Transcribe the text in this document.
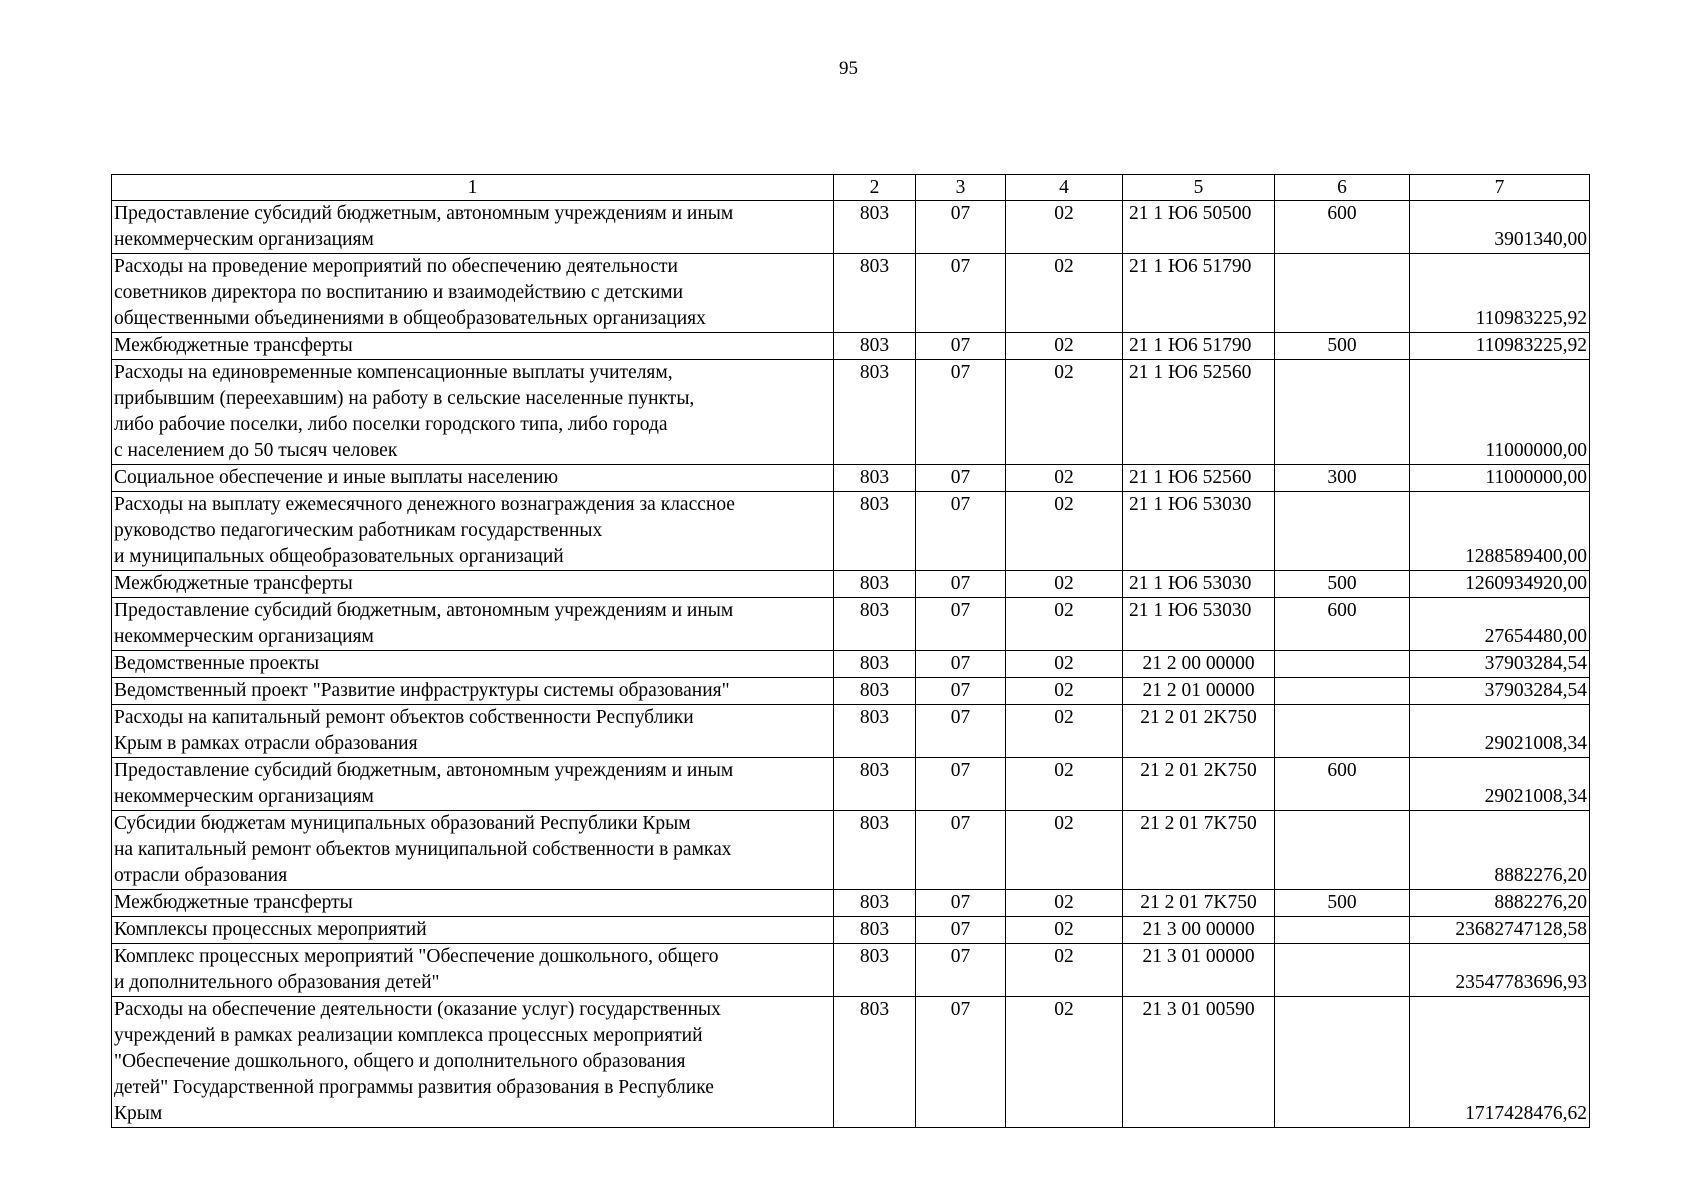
95
1	2	3	4	5	6	7

Предоставление субсидий бюджетным, автономным учреждениям и иным
некоммерческим организациям	803	07	02	21 1 Ю6 50500	600	3901340,00

Расходы на проведение мероприятий по обеспечению деятельности
советников директора по воспитанию и взаимодействию с детскими
общественными объединениями в общеобразовательных организациях	803	07	02	21 1 Ю6 51790		110983225,92

Межбюджетные трансферты	803	07	02	21 1 Ю6 51790	500	110983225,92

Расходы на единовременные компенсационные выплаты учителям,
прибывшим (переехавшим) на работу в сельские населенные пункты,
либо рабочие поселки, либо поселки городского типа, либо города
с населением до 50 тысяч человек	803	07	02	21 1 Ю6 52560		11000000,00

Социальное обеспечение и иные выплаты населению	803	07	02	21 1 Ю6 52560	300	11000000,00

Расходы на выплату ежемесячного денежного вознаграждения за классное
руководство педагогическим работникам государственных
и муниципальных общеобразовательных организаций	803	07	02	21 1 Ю6 53030		1288589400,00

Межбюджетные трансферты	803	07	02	21 1 Ю6 53030	500	1260934920,00

Предоставление субсидий бюджетным, автономным учреждениям и иным
некоммерческим организациям	803	07	02	21 1 Ю6 53030	600	27654480,00

Ведомственные проекты	803	07	02	21 2 00 00000		37903284,54

Ведомственный проект "Развитие инфраструктуры системы образования"	803	07	02	21 2 01 00000		37903284,54

Расходы на капитальный ремонт объектов собственности Республики
Крым в рамках отрасли образования	803	07	02	21 2 01 2K750		29021008,34

Предоставление субсидий бюджетным, автономным учреждениям и иным
некоммерческим организациям	803	07	02	21 2 01 2K750	600	29021008,34

Субсидии бюджетам муниципальных образований Республики Крым
на капитальный ремонт объектов муниципальной собственности в рамках
отрасли образования	803	07	02	21 2 01 7K750		8882276,20

Межбюджетные трансферты	803	07	02	21 2 01 7K750	500	8882276,20

Комплексы процессных мероприятий	803	07	02	21 3 00 00000		23682747128,58

Комплекс процессных мероприятий "Обеспечение дошкольного, общего
и дополнительного образования детей"	803	07	02	21 3 01 00000		23547783696,93

Расходы на обеспечение деятельности (оказание услуг) государственных
учреждений в рамках реализации комплекса процессных мероприятий
"Обеспечение дошкольного, общего и дополнительного образования
детей" Государственной программы развития образования в Республике
Крым	803	07	02	21 3 01 00590		1717428476,62
